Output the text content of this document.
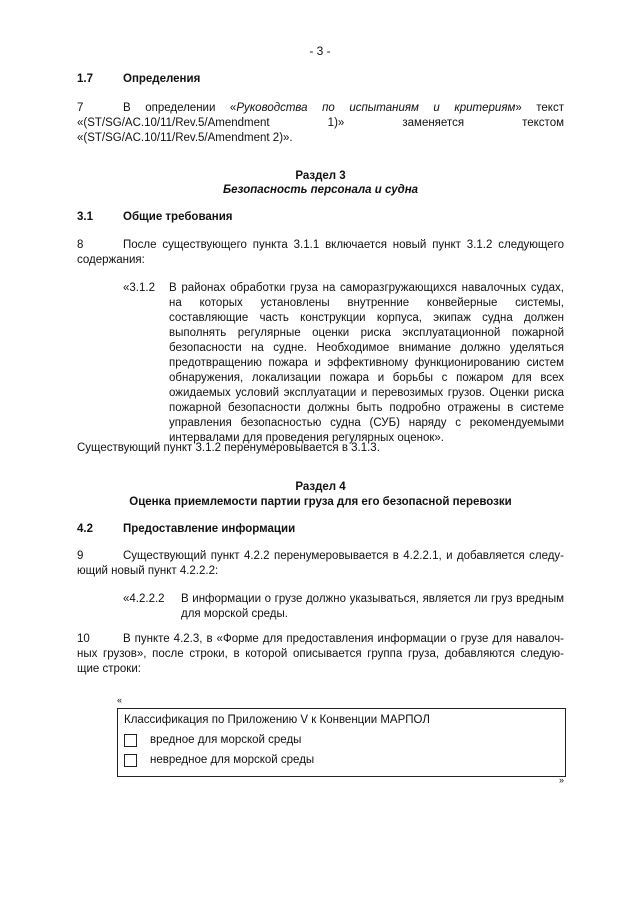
- 3 -
1.7	Определения
7	В определении «Руководства по испытаниям и критериям» текст
«(ST/SG/AC.10/11/Rev.5/Amendment 1)» заменяется текстом
«(ST/SG/AC.10/11/Rev.5/Amendment 2)».
Раздел 3
Безопасность персонала и судна
3.1	Общие требования
8	После существующего пункта 3.1.1 включается новый пункт 3.1.2 следующего
содержания:
«3.1.2 В районах обработки груза на саморазгружающихся навалочных судах, на которых установлены внутренние конвейерные системы, составляющие часть конструкции корпуса, экипаж судна должен выполнять регулярные оценки риска эксплуатационной пожарной безопасности на судне. Необходимое внимание должно уделяться предотвращению пожара и эффективному функционированию систем обнаружения, локализации пожара и борьбы с пожаром для всех ожидаемых условий эксплуатации и перевозимых грузов. Оценки риска пожарной безопасности должны быть подробно отражены в системе управления безопасностью судна (СУБ) наряду с рекомендуемыми интервалами для проведения регулярных оценок».
Существующий пункт 3.1.2 перенумеровывается в 3.1.3.
Раздел 4
Оценка приемлемости партии груза для его безопасной перевозки
4.2	Предоставление информации
9	Существующий пункт 4.2.2 перенумеровывается в 4.2.2.1, и добавляется следу-
ющий новый пункт 4.2.2.2:
«4.2.2.2 В информации о грузе должно указываться, является ли груз вредным для морской среды.
10	В пункте 4.2.3, в «Форме для предоставления информации о грузе для навалоч-
ных грузов», после строки, в которой описывается группа груза, добавляются следую-
щие строки:
«
Классификация по Приложению V к Конвенции МАРПОЛ
вредное для морской среды
невредное для морской среды
»
